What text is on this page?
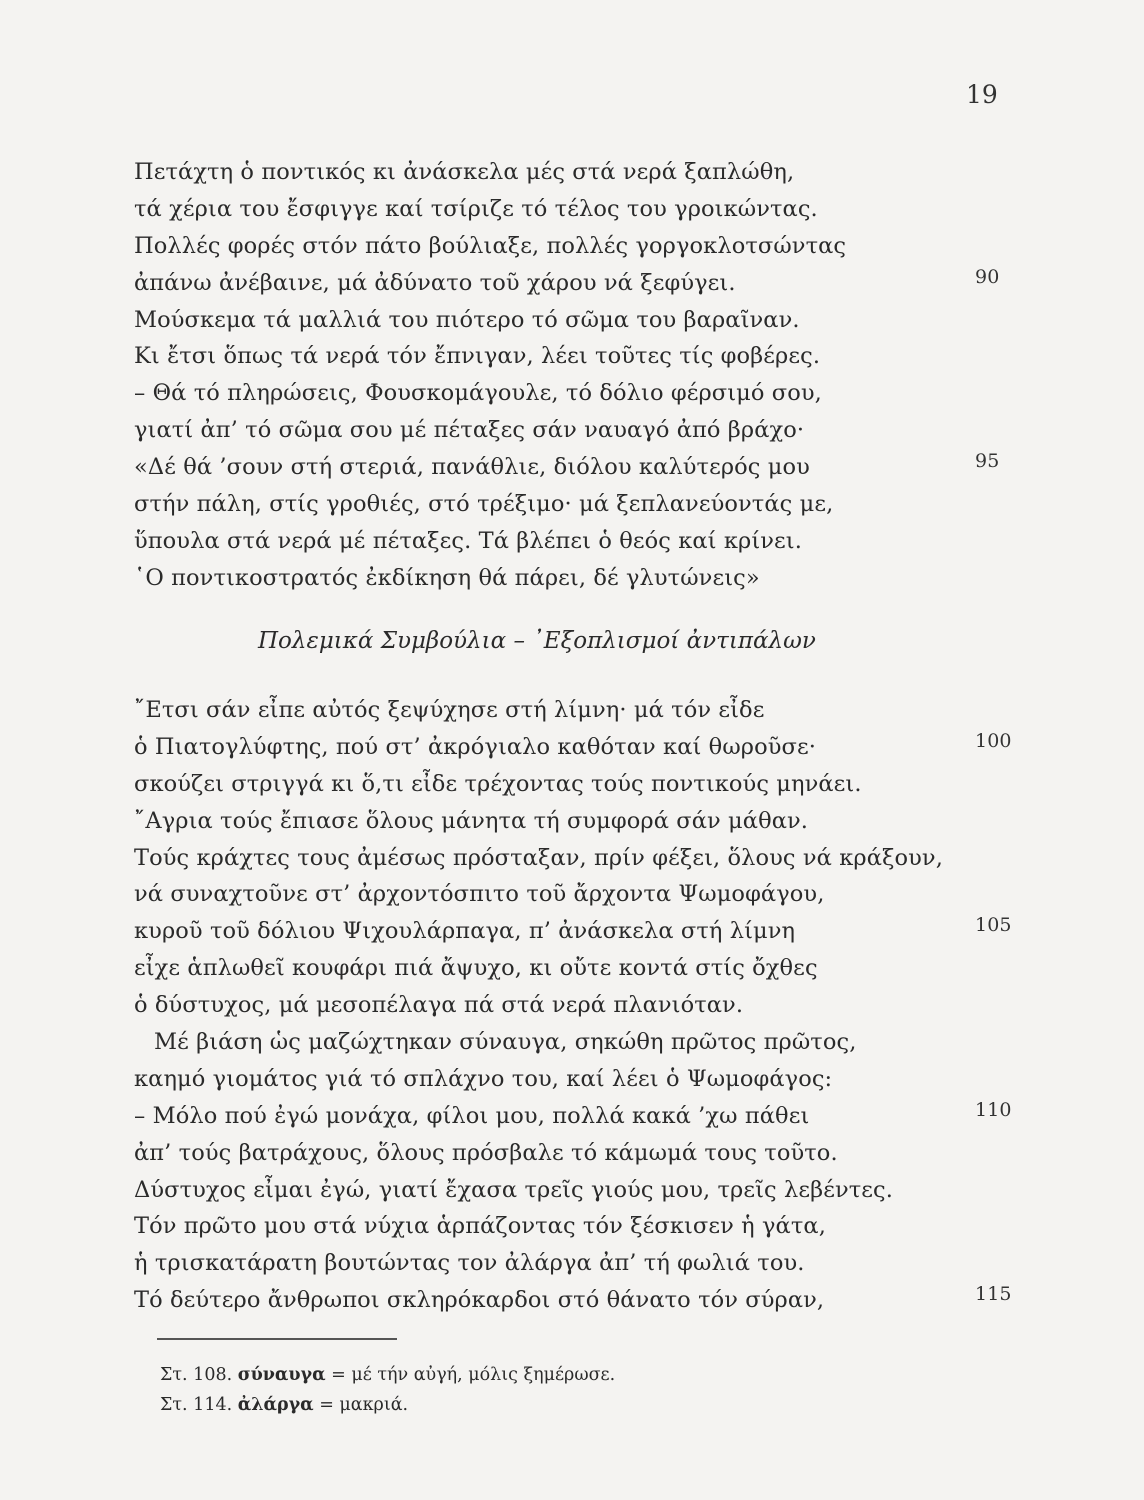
19
Πετάχτη ὁ ποντικός κι ἀνάσκελα μές στά νερά ξαπλώθη,
τά χέρια του ἔσφιγγε καί τσίριζε τό τέλος του γροικώντας.
Πολλές φορές στόν πάτο βούλιαξε, πολλές γοργοκλοτσώντας
ἀπάνω ἀνέβαινε, μά ἀδύνατο τοῦ χάρου νά ξεφύγει.	90
Μούσκεμα τά μαλλιά του πιότερο τό σῶμα του βαραῖναν.
Κι ἔτσι ὅπως τά νερά τόν ἔπνιγαν, λέει τοῦτες τίς φοβέρες.
– Θά τό πληρώσεις, Φουσκομάγουλε, τό δόλιο φέρσιμό σου,
γιατί ἀπ’ τό σῶμα σου μέ πέταξες σάν ναυαγό ἀπό βράχο·
«Δέ θά ’σουν στή στεριά, πανάθλιε, διόλου καλύτερός μου	95
στήν πάλη, στίς γροθιές, στό τρέξιμο· μά ξεπλανεύοντάς με,
ὕπουλα στά νερά μέ πέταξες. Τά βλέπει ὁ θεός καί κρίνει.
῾Ο ποντικοστρατός ἐκδίκηση θά πάρει, δέ γλυτώνεις»
Πολεμικά Συμβούλια – ᾿Εξοπλισμοί ἀντιπάλων
῎Ετσι σάν εἶπε αὐτός ξεψύχησε στή λίμνη· μά τόν εἶδε
ὁ Πιατογλύφτης, πού στ’ ἀκρόγιαλο καθόταν καί θωροῦσε·	100
σκούζει στριγγά κι ὅ,τι εἶδε τρέχοντας τούς ποντικούς μηνάει.
῎Αγρια τούς ἔπιασε ὅλους μάνητα τή συμφορά σάν μάθαν.
Τούς κράχτες τους ἀμέσως πρόσταξαν, πρίν φέξει, ὅλους νά κράξουν,
νά συναχτοῦνε στ’ ἀρχοντόσπιτο τοῦ ἄρχοντα Ψωμοφάγου,
κυροῦ τοῦ δόλιου Ψιχουλάρπαγα, π’ ἀνάσκελα στή λίμνη	105
εἶχε ἁπλωθεῖ κουφάρι πιά ἄψυχο, κι οὔτε κοντά στίς ὄχθες
ὁ δύστυχος, μά μεσοπέλαγα πά στά νερά πλανιόταν.
Μέ βιάση ὡς μαζώχτηκαν σύναυγα, σηκώθη πρῶτος πρῶτος,
καημό γιομάτος γιά τό σπλάχνο του, καί λέει ὁ Ψωμοφάγος:
– Μόλο πού ἐγώ μονάχα, φίλοι μου, πολλά κακά ’χω πάθει	110
ἀπ’ τούς βατράχους, ὅλους πρόσβαλε τό κάμωμά τους τοῦτο.
Δύστυχος εἶμαι ἐγώ, γιατί ἔχασα τρεῖς γιούς μου, τρεῖς λεβέντες.
Τόν πρῶτο μου στά νύχια ἁρπάζοντας τόν ξέσκισεν ἡ γάτα,
ἡ τρισκατάρατη βουτώντας τον ἀλάργα ἀπ’ τή φωλιά του.
Τό δεύτερο ἄνθρωποι σκληρόκαρδοι στό θάνατο τόν σύραν,	115
Στ. 108. σύναυγα = μέ τήν αὐγή, μόλις ξημέρωσε.
Στ. 114. ἀλάργα = μακριά.
